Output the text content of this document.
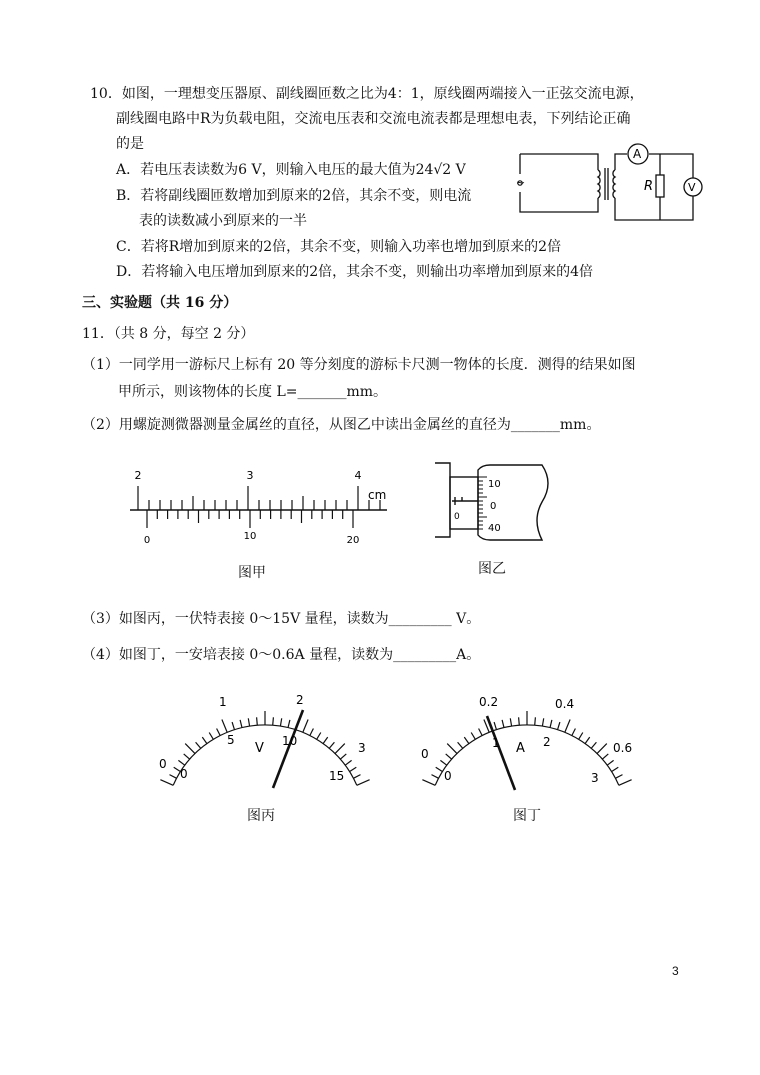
10．如图，一理想变压器原、副线圈匝数之比为4：1，原线圈两端接入一正弦交流电源，
副线圈电路中R为负载电阻，交流电压表和交流电流表都是理想电表，下列结论正确
的是
A．若电压表读数为6 V，则输入电压的最大值为24√2 V
B．若将副线圈匝数增加到原来的2倍，其余不变，则电流
表的读数减小到原来的一半
C．若将R增加到原来的2倍，其余不变，则输入功率也增加到原来的2倍
D．若将输入电压增加到原来的2倍，其余不变，则输出功率增加到原来的4倍
~
A
V
R
三、实验题（共 16 分）
11．（共 8 分，每空 2 分）
（1）一同学用一游标尺上标有 20 等分刻度的游标卡尺测一物体的长度．测得的结果如图
甲所示，则该物体的长度 L=_______mm。
（2）用螺旋测微器测量金属丝的直径，从图乙中读出金属丝的直径为_______mm。
2	3	4
cm
0	10	20
图甲
10
0
40
0
图乙
（3）如图丙，一伏特表接 0～15V 量程，读数为_________ V。
（4）如图丁，一安培表接 0～0.6A 量程，读数为_________A。
0
1	2
3
0
5	10
15
V
图丙
0
0.2	0.4
0.6
0
1	2
3
A
图丁
3
